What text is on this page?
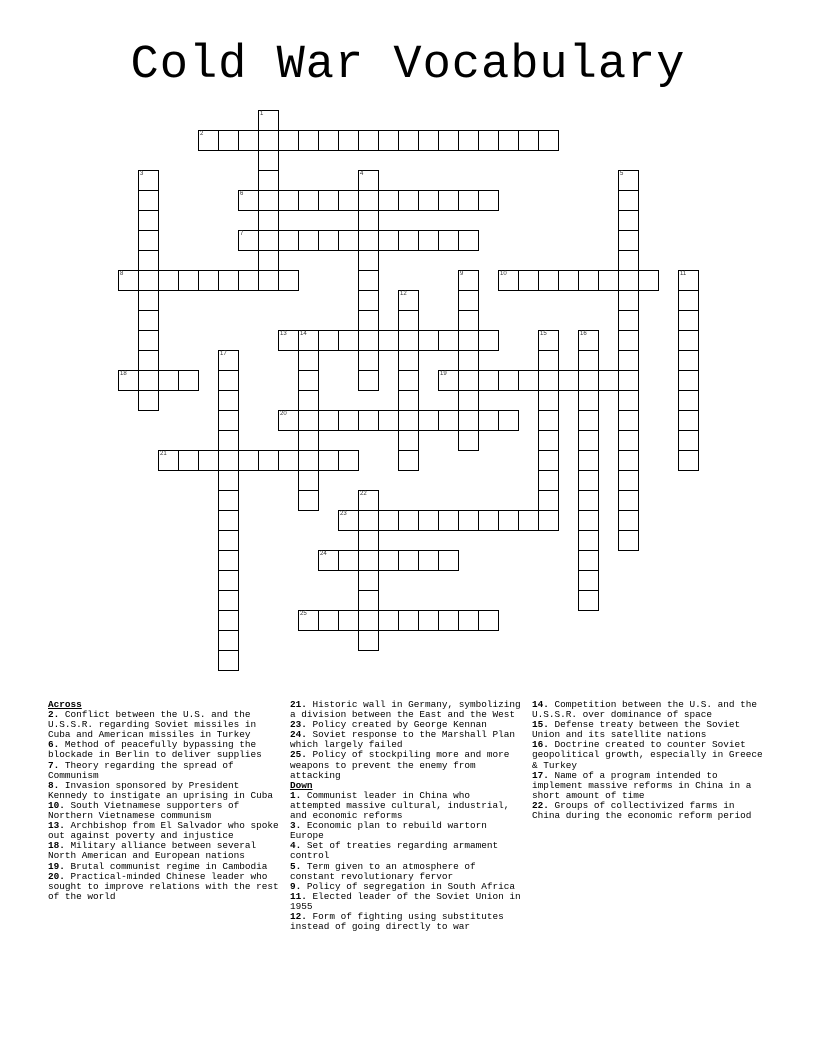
Cold War Vocabulary
1
2
3	4	5
6
7
8	9	10	11
12
13 14	15	16
17
18	19
20
21
22
23
24
25
Across
2. Conflict between the U.S. and the U.S.S.R. regarding Soviet missiles in Cuba and American missiles in Turkey
6. Method of peacefully bypassing the blockade in Berlin to deliver supplies
7. Theory regarding the spread of Communism
8. Invasion sponsored by President Kennedy to instigate an uprising in Cuba
10. South Vietnamese supporters of Northern Vietnamese communism
13. Archbishop from El Salvador who spoke out against poverty and injustice
18. Military alliance between several North American and European nations
19. Brutal communist regime in Cambodia
20. Practical-minded Chinese leader who sought to improve relations with the rest of the world
21. Historic wall in Germany, symbolizing a division between the East and the West
23. Policy created by George Kennan
24. Soviet response to the Marshall Plan which largely failed
25. Policy of stockpiling more and more weapons to prevent the enemy from attacking
Down
1. Communist leader in China who attempted massive cultural, industrial, and economic reforms
3. Economic plan to rebuild wartorn Europe
4. Set of treaties regarding armament control
5. Term given to an atmosphere of constant revolutionary fervor
9. Policy of segregation in South Africa
11. Elected leader of the Soviet Union in 1955
12. Form of fighting using substitutes instead of going directly to war
14. Competition between the U.S. and the U.S.S.R. over dominance of space
15. Defense treaty between the Soviet Union and its satellite nations
16. Doctrine created to counter Soviet geopolitical growth, especially in Greece & Turkey
17. Name of a program intended to implement massive reforms in China in a short amount of time
22. Groups of collectivized farms in China during the economic reform period
